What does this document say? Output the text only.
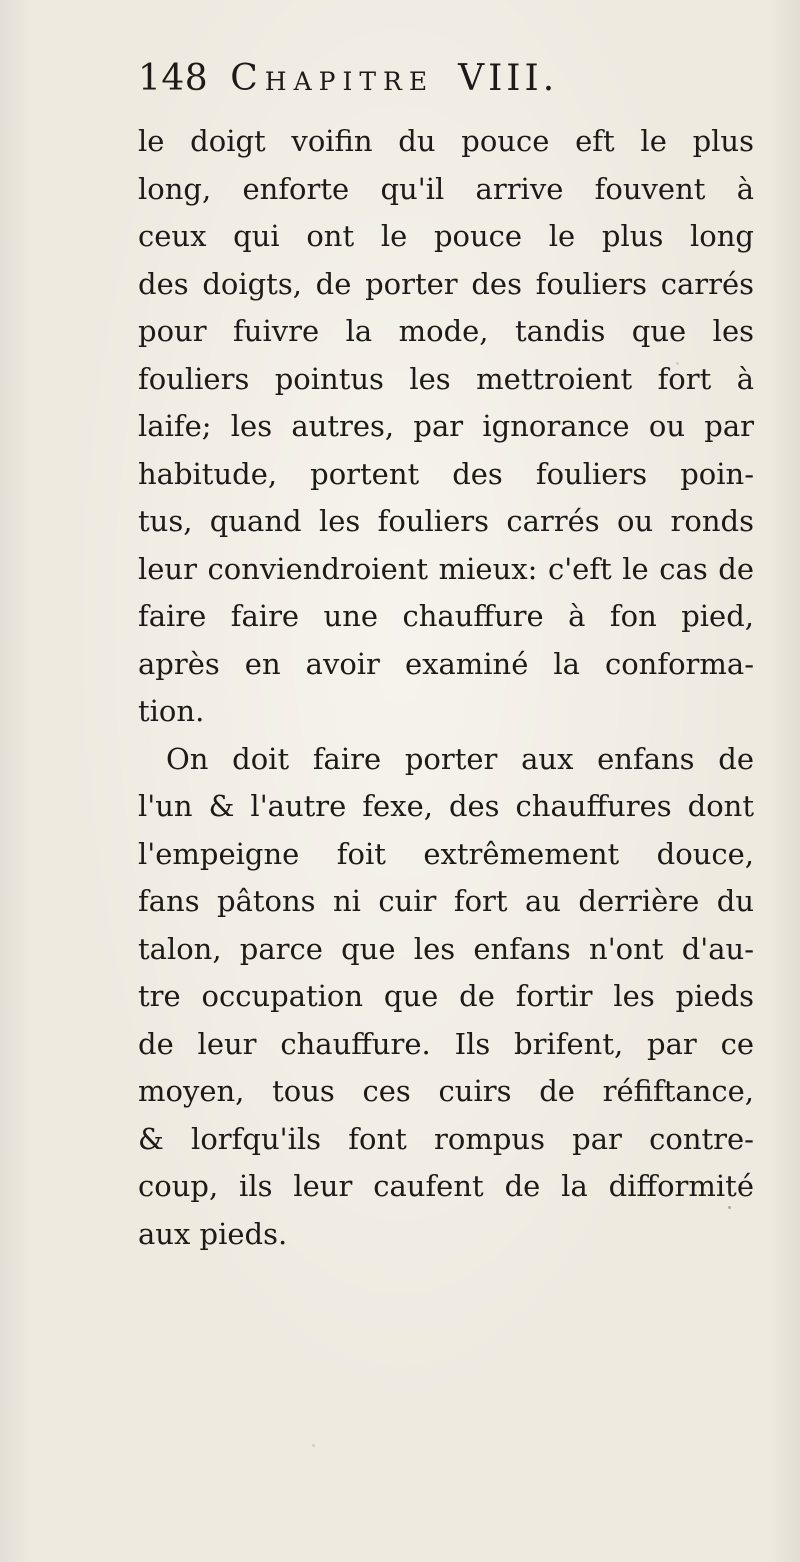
148 Chapitre VIII.
le doigt voifin du pouce eft le plus
long, enforte qu'il arrive fouvent à
ceux qui ont le pouce le plus long
des doigts, de porter des fouliers carrés
pour fuivre la mode, tandis que les
fouliers pointus les mettroient fort à
laife; les autres, par ignorance ou par
habitude, portent des fouliers poin-
tus, quand les fouliers carrés ou ronds
leur conviendroient mieux: c'eft le cas de
faire faire une chauffure à fon pied,
après en avoir examiné la conforma-
tion.
On doit faire porter aux enfans de
l'un & l'autre fexe, des chauffures dont
l'empeigne foit extrêmement douce,
fans pâtons ni cuir fort au derrière du
talon, parce que les enfans n'ont d'au-
tre occupation que de fortir les pieds
de leur chauffure. Ils brifent, par ce
moyen, tous ces cuirs de réfiftance,
& lorfqu'ils font rompus par contre-
coup, ils leur caufent de la difformité
aux pieds.
